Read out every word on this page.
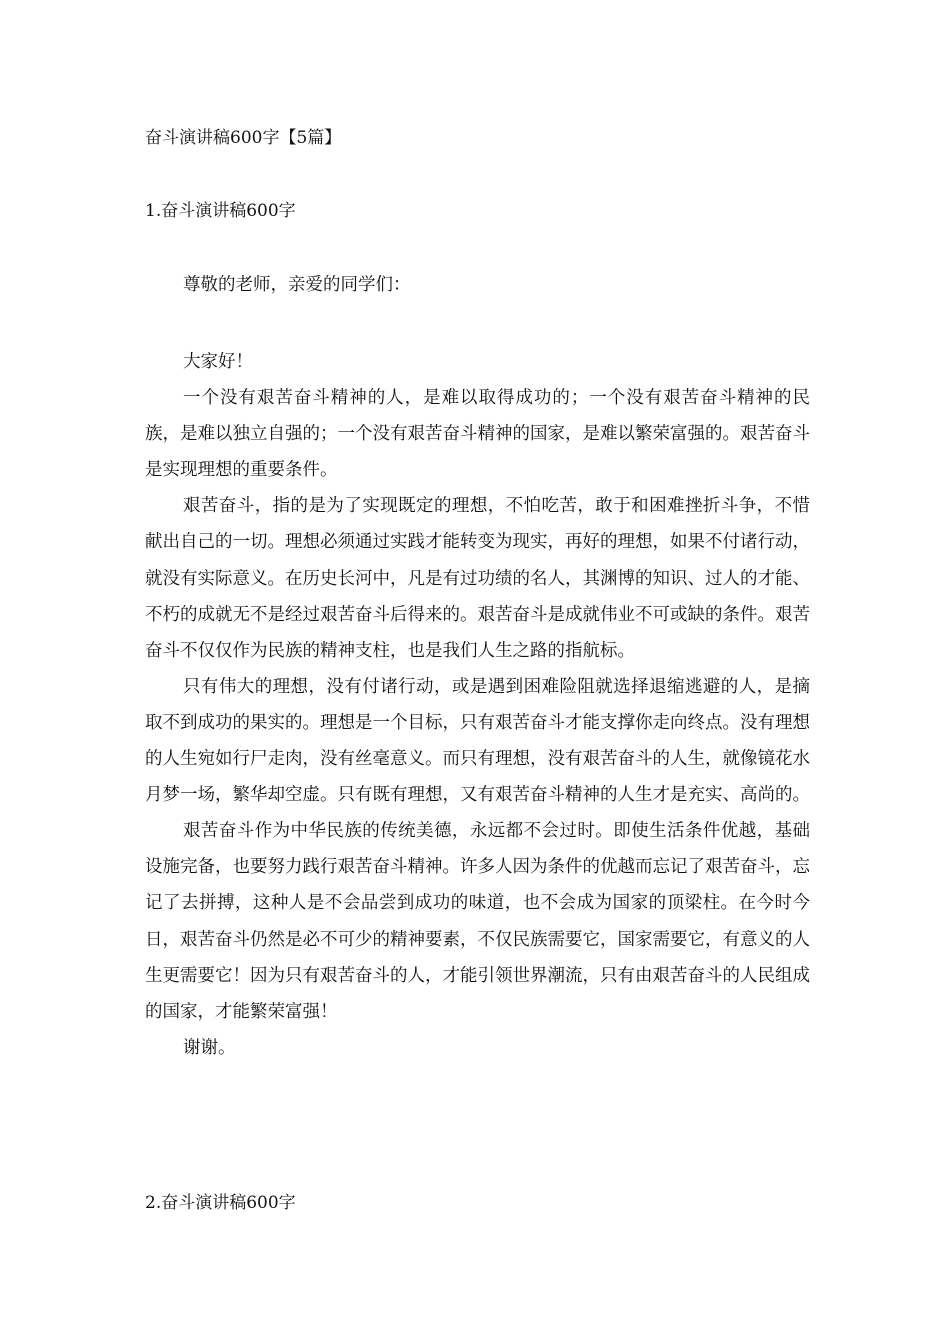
奋斗演讲稿600字【5篇】
1.奋斗演讲稿600字
尊敬的老师，亲爱的同学们：

大家好！

一个没有艰苦奋斗精神的人，是难以取得成功的；一个没有艰苦奋斗精神的民族，是难以独立自强的；一个没有艰苦奋斗精神的国家，是难以繁荣富强的。艰苦奋斗是实现理想的重要条件。

艰苦奋斗，指的是为了实现既定的理想，不怕吃苦，敢于和困难挫折斗争，不惜献出自己的一切。理想必须通过实践才能转变为现实，再好的理想，如果不付诸行动，就没有实际意义。在历史长河中，凡是有过功绩的名人，其渊博的知识、过人的才能、不朽的成就无不是经过艰苦奋斗后得来的。艰苦奋斗是成就伟业不可或缺的条件。艰苦奋斗不仅仅作为民族的精神支柱，也是我们人生之路的指航标。

只有伟大的理想，没有付诸行动，或是遇到困难险阻就选择退缩逃避的人，是摘取不到成功的果实的。理想是一个目标，只有艰苦奋斗才能支撑你走向终点。没有理想的人生宛如行尸走肉，没有丝毫意义。而只有理想，没有艰苦奋斗的人生，就像镜花水月梦一场，繁华却空虚。只有既有理想，又有艰苦奋斗精神的人生才是充实、高尚的。

艰苦奋斗作为中华民族的传统美德，永远都不会过时。即使生活条件优越，基础设施完备，也要努力践行艰苦奋斗精神。许多人因为条件的优越而忘记了艰苦奋斗，忘记了去拼搏，这种人是不会品尝到成功的味道，也不会成为国家的顶梁柱。在今时今日，艰苦奋斗仍然是必不可少的精神要素，不仅民族需要它，国家需要它，有意义的人生更需要它！因为只有艰苦奋斗的人，才能引领世界潮流，只有由艰苦奋斗的人民组成的国家，才能繁荣富强！

谢谢。

2.奋斗演讲稿600字
